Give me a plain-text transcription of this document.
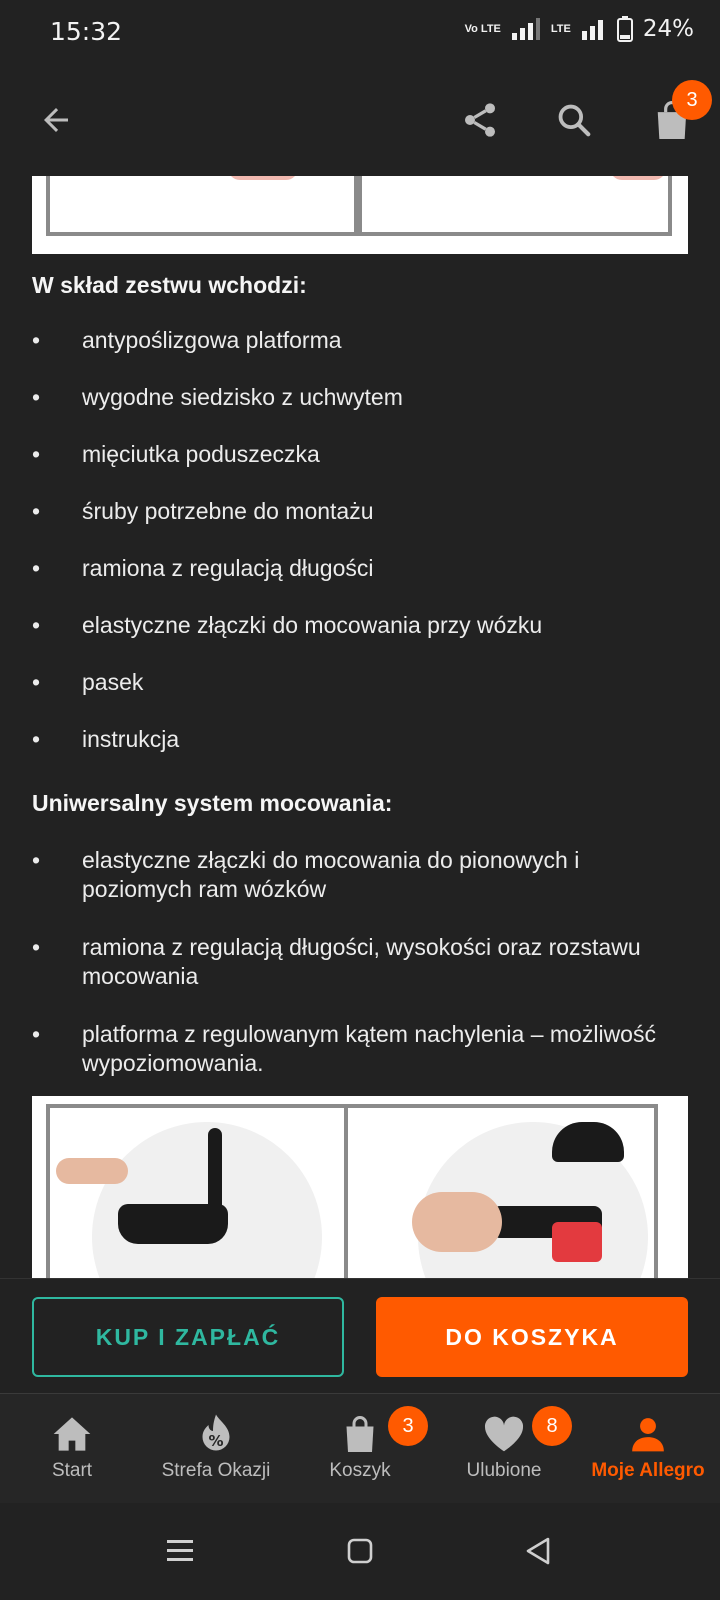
15:32	Vo LTE	LTE	24%
3
W skład zestwu wchodzi:
• antypoślizgowa platforma
• wygodne siedzisko z uchwytem
• mięciutka poduszeczka
• śruby potrzebne do montażu
• ramiona z regulacją długości
• elastyczne złączki do mocowania przy wózku
• pasek
• instrukcja
Uniwersalny system mocowania:
• elastyczne złączki do mocowania do pionowych i poziomych ram wózków
• ramiona z regulacją długości, wysokości oraz rozstawu mocowania
• platforma z regulowanym kątem nachylenia – możliwość wypoziomowania.
KUP I ZAPŁAĆ	DO KOSZYKA
Start
%
Strefa Okazji	Koszyk
3
Ulubione
8
Moje Allegro
